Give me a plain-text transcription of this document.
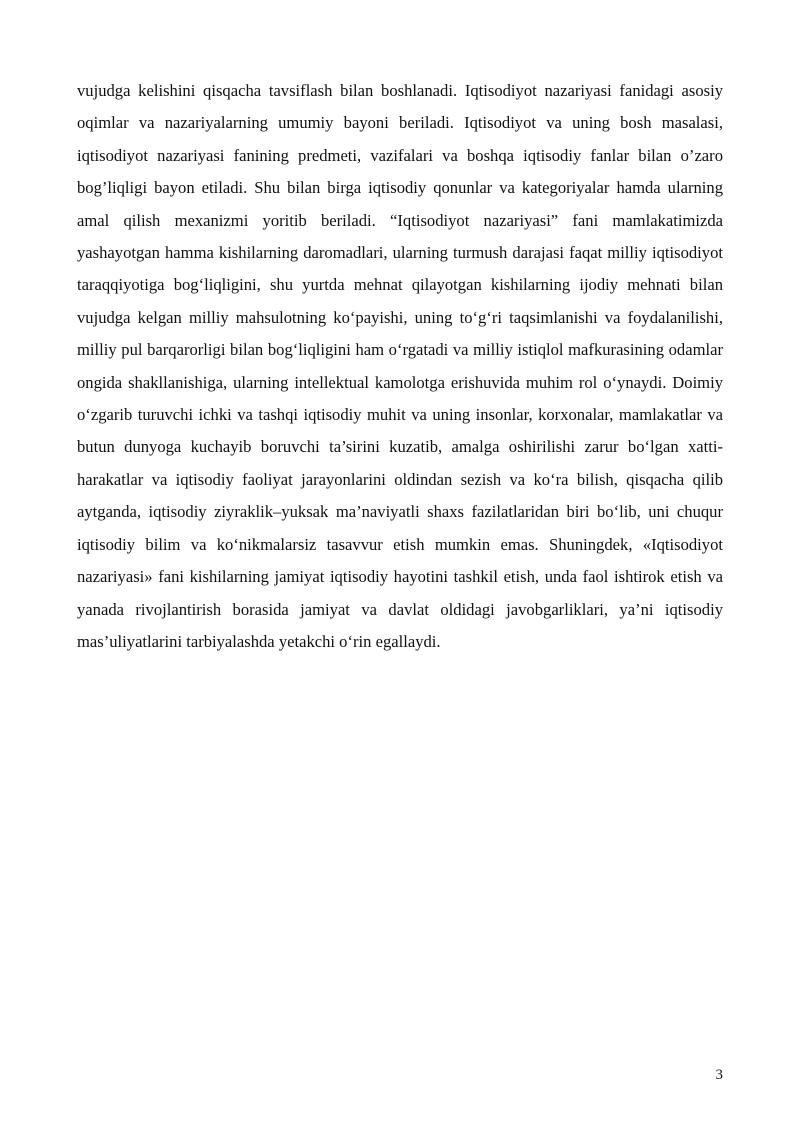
vujudga kelishini qisqacha tavsiflash bilan boshlanadi. Iqtisodiyot nazariyasi fanidagi asosiy oqimlar va nazariyalarning umumiy bayoni beriladi. Iqtisodiyot va uning bosh masalasi, iqtisodiyot nazariyasi fanining predmeti, vazifalari va boshqa iqtisodiy fanlar bilan o’zaro bog’liqligi bayon etiladi. Shu bilan birga iqtisodiy qonunlar va kategoriyalar hamda ularning amal qilish mexanizmi yoritib beriladi. “Iqtisodiyot nazariyasi” fani mamlakatimizda yashayotgan hamma kishilarning daromadlari, ularning turmush darajasi faqat milliy iqtisodiyot taraqqiyotiga bog‘liqligini, shu yurtda mehnat qilayotgan kishilarning ijodiy mehnati bilan vujudga kelgan milliy mahsulotning ko‘payishi, uning to‘g‘ri taqsimlanishi va foydalanilishi, milliy pul barqarorligi bilan bog‘liqligini ham o‘rgatadi va milliy istiqlol mafkurasining odamlar ongida shakllanishiga, ularning intellektual kamolotga erishuvida muhim rol o‘ynaydi. Doimiy o‘zgarib turuvchi ichki va tashqi iqtisodiy muhit va uning insonlar, korxonalar, mamlakatlar va butun dunyoga kuchayib boruvchi ta’sirini kuzatib, amalga oshirilishi zarur bo‘lgan xatti-harakatlar va iqtisodiy faoliyat jarayonlarini oldindan sezish va ko‘ra bilish, qisqacha qilib aytganda, iqtisodiy ziyraklik–yuksak ma’naviyatli shaxs fazilatlaridan biri bo‘lib, uni chuqur iqtisodiy bilim va ko‘nikmalarsiz tasavvur etish mumkin emas. Shuningdek, «Iqtisodiyot nazariyasi» fani kishilarning jamiyat iqtisodiy hayotini tashkil etish, unda faol ishtirok etish va yanada rivojlantirish borasida jamiyat va davlat oldidagi javobgarliklari, ya’ni iqtisodiy mas’uliyatlarini tarbiyalashda yetakchi o‘rin egallaydi.

3
